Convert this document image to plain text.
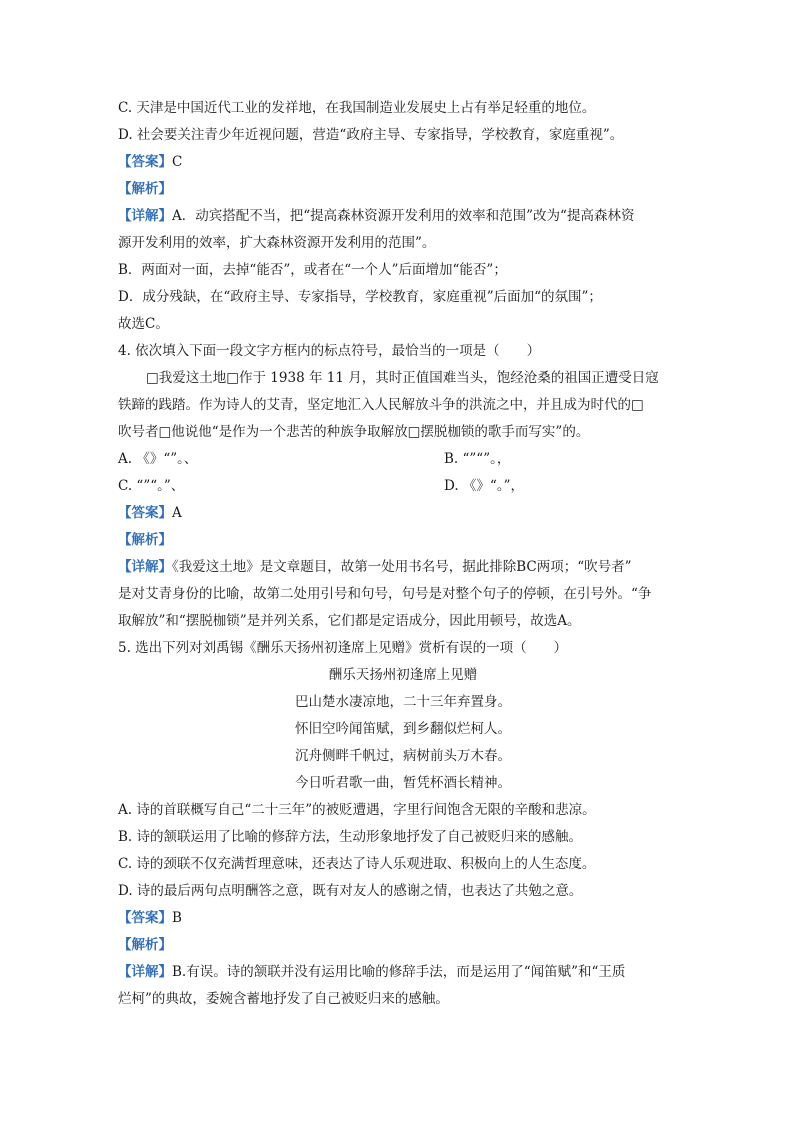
C. 天津是中国近代工业的发祥地，在我国制造业发展史上占有举足轻重的地位。
D. 社会要关注青少年近视问题，营造“政府主导、专家指导，学校教育，家庭重视”。
【答案】C
【解析】
【详解】A．动宾搭配不当，把“提高森林资源开发利用的效率和范围”改为“提高森林资
源开发利用的效率，扩大森林资源开发利用的范围”。
B．两面对一面，去掉“能否”，或者在“一个人”后面增加“能否”；
D．成分残缺，在“政府主导、专家指导，学校教育，家庭重视”后面加“的氛围”；
故选C。
4. 依次填入下面一段文字方框内的标点符号，最恰当的一项是（　　）
□我爱这土地□作于 1938 年 11 月，其时正值国难当头，饱经沧桑的祖国正遭受日寇
铁蹄的践踏。作为诗人的艾青，坚定地汇入人民解放斗争的洪流之中，并且成为时代的□
吹号者□他说他“是作为一个悲苦的种族争取解放□摆脱枷锁的歌手而写实”的。
A. 《》“”。、	B. “”“”。，
C. “”“。”、	D. 《》“。”，
【答案】A
【解析】
【详解】《我爱这土地》是文章题目，故第一处用书名号，据此排除BC两项；“吹号者”
是对艾青身份的比喻，故第二处用引号和句号，句号是对整个句子的停顿，在引号外。“争
取解放”和“摆脱枷锁”是并列关系，它们都是定语成分，因此用顿号，故选A。
5. 选出下列对刘禹锡《酬乐天扬州初逢席上见赠》赏析有误的一项（　　）
酬乐天扬州初逢席上见赠
巴山楚水凄凉地，二十三年弃置身。
怀旧空吟闻笛赋，到乡翻似烂柯人。
沉舟侧畔千帆过，病树前头万木春。
今日听君歌一曲，暂凭杯酒长精神。
A. 诗的首联概写自己“二十三年”的被贬遭遇，字里行间饱含无限的辛酸和悲凉。
B. 诗的颔联运用了比喻的修辞方法，生动形象地抒发了自己被贬归来的感触。
C. 诗的颈联不仅充满哲理意味，还表达了诗人乐观进取、积极向上的人生态度。
D. 诗的最后两句点明酬答之意，既有对友人的感谢之情，也表达了共勉之意。
【答案】B
【解析】
【详解】B.有误。诗的颔联并没有运用比喻的修辞手法，而是运用了“闻笛赋”和“王质
烂柯”的典故，委婉含蓄地抒发了自己被贬归来的感触。
